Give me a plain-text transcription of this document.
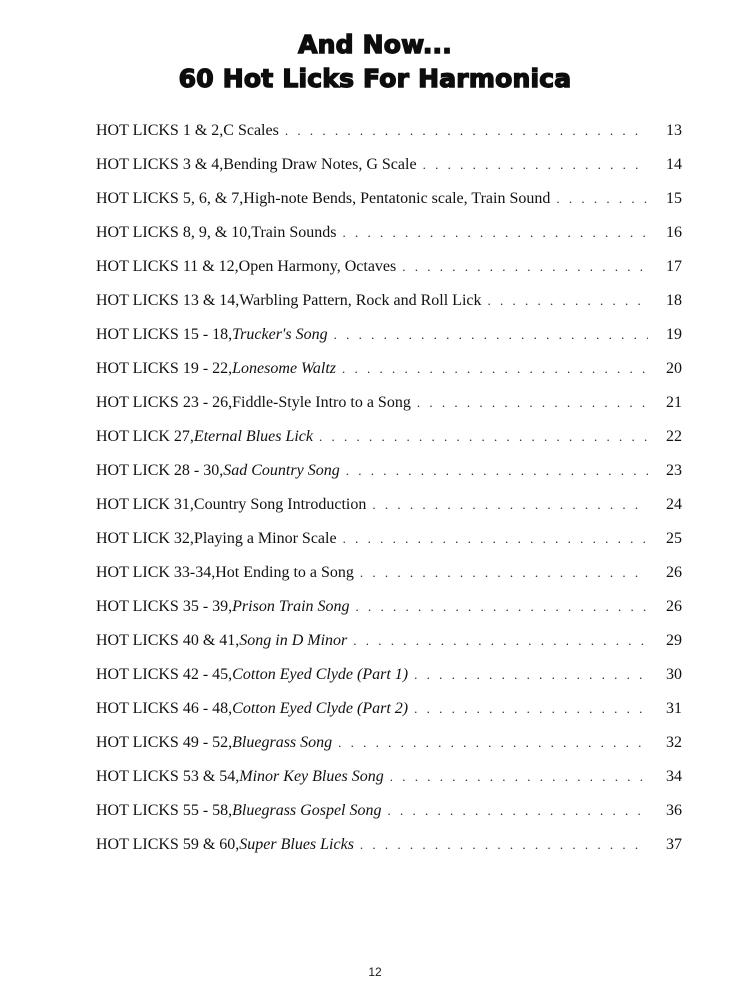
And Now...
60 Hot Licks For Harmonica
HOT LICKS 1 & 2, C Scales . . .	13
HOT LICKS 3 & 4, Bending Draw Notes, G Scale . . .	14
HOT LICKS 5, 6, & 7, High-note Bends, Pentatonic scale, Train Sound . . .	15
HOT LICKS 8, 9, & 10, Train Sounds . . .	16
HOT LICKS 11 & 12, Open Harmony, Octaves . . .	17
HOT LICKS 13 & 14, Warbling Pattern, Rock and Roll Lick . . .	18
HOT LICKS 15 - 18, Trucker's Song . . .	19
HOT LICKS 19 - 22, Lonesome Waltz . . .	20
HOT LICKS 23 - 26, Fiddle-Style Intro to a Song . . .	21
HOT LICK 27, Eternal Blues Lick . . .	22
HOT LICK 28 - 30, Sad Country Song . . .	23
HOT LICK 31, Country Song Introduction . . .	24
HOT LICK 32, Playing a Minor Scale . . .	25
HOT LICK 33-34, Hot Ending to a Song . . .	26
HOT LICKS 35 - 39, Prison Train Song . . .	26
HOT LICKS 40 & 41, Song in D Minor . . .	29
HOT LICKS 42 - 45, Cotton Eyed Clyde (Part 1) . . .	30
HOT LICKS 46 - 48, Cotton Eyed Clyde (Part 2) . . .	31
HOT LICKS 49 - 52, Bluegrass Song . . .	32
HOT LICKS 53 & 54, Minor Key Blues Song . . .	34
HOT LICKS 55 - 58, Bluegrass Gospel Song . . .	36
HOT LICKS 59 & 60, Super Blues Licks . . .	37
12
